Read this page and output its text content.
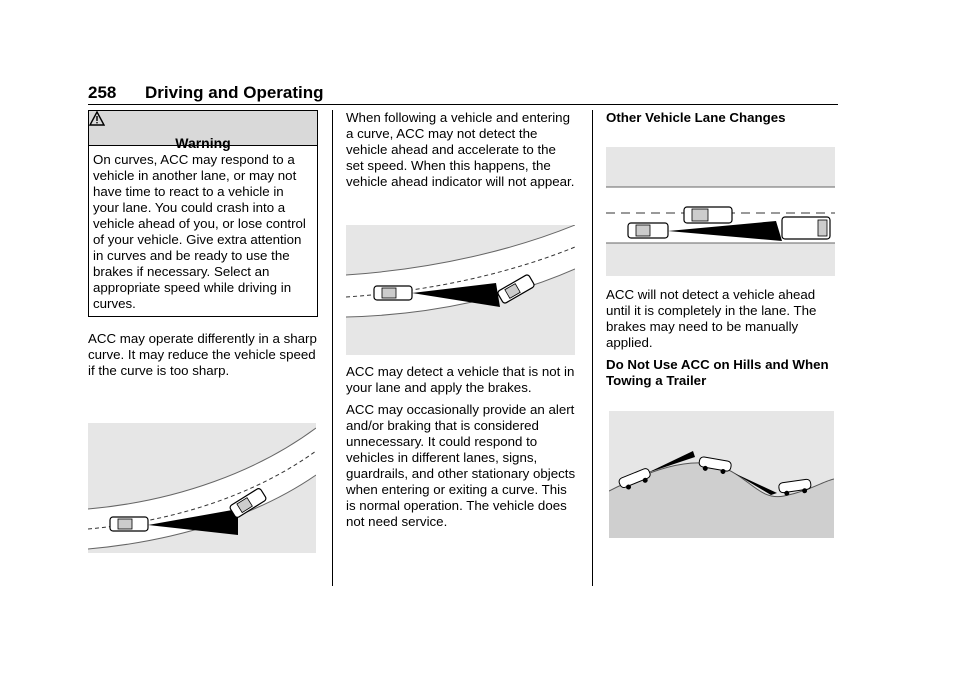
258 Driving and Operating
Warning

On curves, ACC may respond to a vehicle in another lane, or may not have time to react to a vehicle in your lane. You could crash into a vehicle ahead of you, or lose control of your vehicle. Give extra attention in curves and be ready to use the brakes if necessary. Select an appropriate speed while driving in curves.

ACC may operate differently in a sharp curve. It may reduce the vehicle speed if the curve is too sharp.

When following a vehicle and entering a curve, ACC may not detect the vehicle ahead and accelerate to the set speed. When this happens, the vehicle ahead indicator will not appear.

ACC may detect a vehicle that is not in your lane and apply the brakes.

ACC may occasionally provide an alert and/or braking that is considered unnecessary. It could respond to vehicles in different lanes, signs, guardrails, and other stationary objects when entering or exiting a curve. This is normal operation. The vehicle does not need service.

Other Vehicle Lane Changes

ACC will not detect a vehicle ahead until it is completely in the lane. The brakes may need to be manually applied.

Do Not Use ACC on Hills and When Towing a Trailer
